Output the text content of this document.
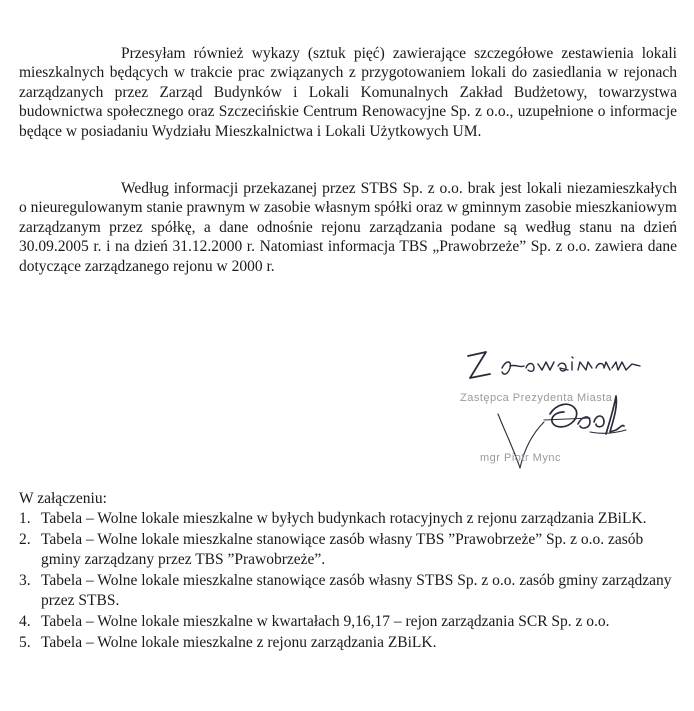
Przesyłam również wykazy (sztuk pięć) zawierające szczegółowe zestawienia lokali mieszkalnych będących w trakcie prac związanych z przygotowaniem lokali do zasiedlania w rejonach zarządzanych przez Zarząd Budynków i Lokali Komunalnych Zakład Budżetowy, towarzystwa budownictwa społecznego oraz Szczecińskie Centrum Renowacyjne Sp. z o.o., uzupełnione o informacje będące w posiadaniu Wydziału Mieszkalnictwa i Lokali Użytkowych UM.

Według informacji przekazanej przez STBS Sp. z o.o. brak jest lokali niezamieszkałych o nieuregulowanym stanie prawnym w zasobie własnym spółki oraz w gminnym zasobie mieszkaniowym zarządzanym przez spółkę, a dane odnośnie rejonu zarządzania podane są według stanu na dzień 30.09.2005 r. i na dzień 31.12.2000 r. Natomiast informacja TBS „Prawobrzeże” Sp. z o.o. zawiera dane dotyczące zarządzanego rejonu w 2000 r.

Zastępca Prezydenta Miasta
mgr Piotr Mync

W załączeniu:

1. Tabela – Wolne lokale mieszkalne w byłych budynkach rotacyjnych z rejonu zarządzania ZBiLK.
2. Tabela – Wolne lokale mieszkalne stanowiące zasób własny TBS ”Prawobrzeże” Sp. z o.o. zasób gminy zarządzany przez TBS ”Prawobrzeże”.
3. Tabela – Wolne lokale mieszkalne stanowiące zasób własny STBS Sp. z o.o. zasób gminy zarządzany przez STBS.
4. Tabela – Wolne lokale mieszkalne w kwartałach 9,16,17 – rejon zarządzania SCR Sp. z o.o.
5. Tabela – Wolne lokale mieszkalne z rejonu zarządzania ZBiLK.
